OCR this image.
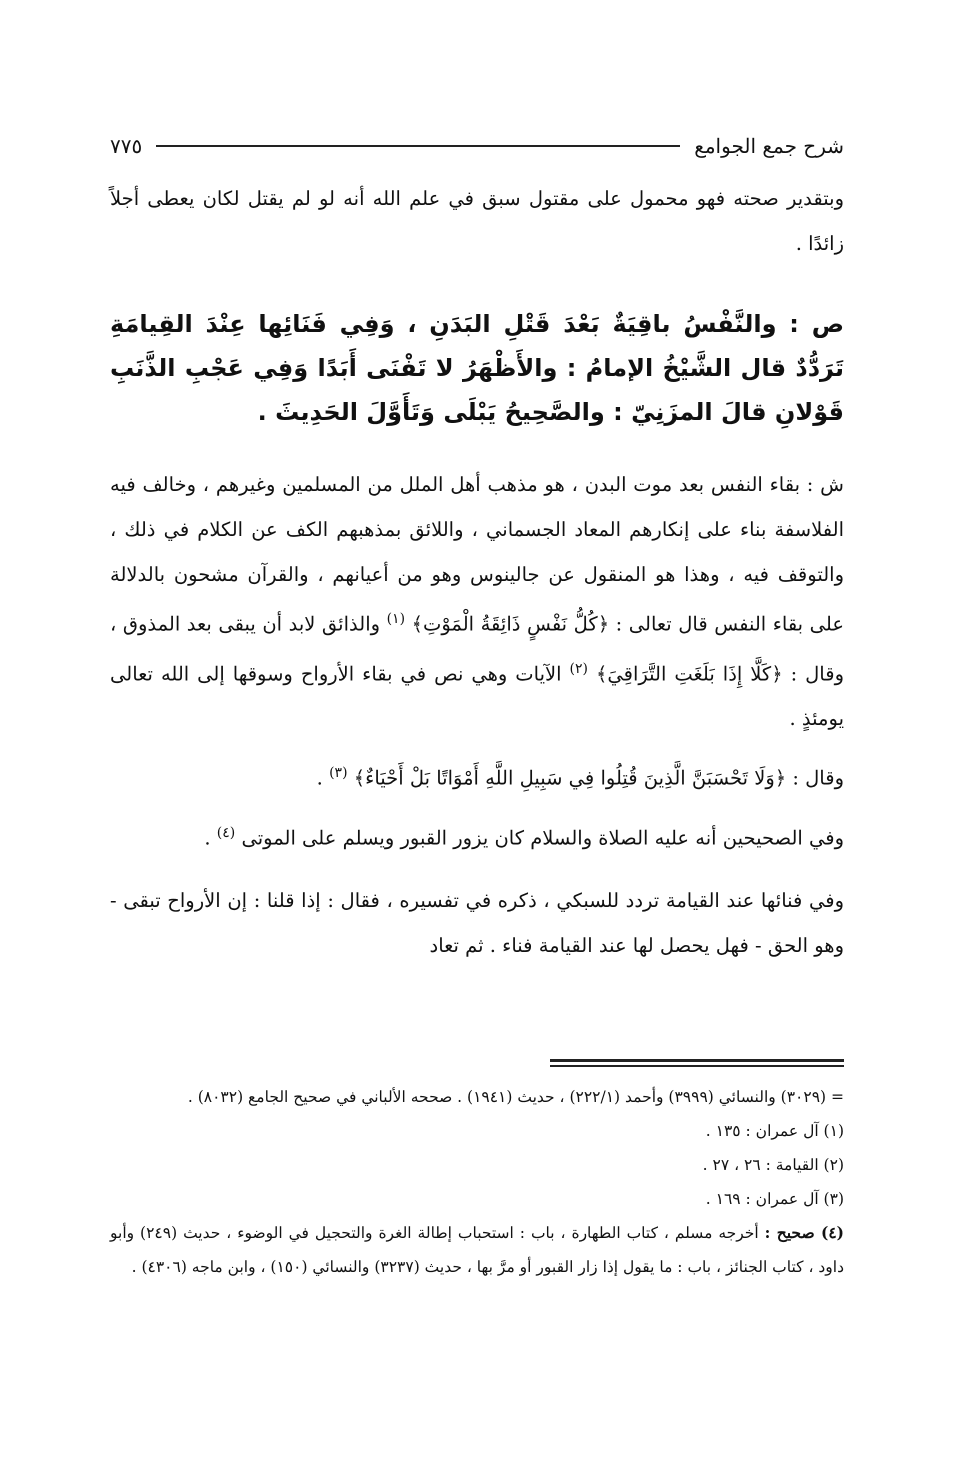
شرح جمع الجوامع
٧٧٥

وبتقدير صحته فهو محمول على مقتول سبق في علم الله أنه لو لم يقتل لكان يعطى أجلاً زائدًا .

ص : والنَّفْسُ باقِيَةٌ بَعْدَ قَتْلِ البَدَنِ ، وَفِي فَنَائِها عِنْدَ القِيامَةِ تَرَدُّدٌ قال الشَّيْخُ الإمامُ : والأَظْهَرُ لا تَفْنَى أَبَدًا وَفِي عَجْبِ الذَّنَبِ قَوْلانِ قالَ المزَنِيّ : والصَّحِيحُ يَبْلَى وَتَأَوَّلَ الحَدِيثَ .

ش : بقاء النفس بعد موت البدن ، هو مذهب أهل الملل من المسلمين وغيرهم ، وخالف فيه الفلاسفة بناء على إنكارهم المعاد الجسماني ، واللائق بمذهبهم الكف عن الكلام في ذلك ، والتوقف فيه ، وهذا هو المنقول عن جالينوس وهو من أعيانهم ، والقرآن مشحون بالدلالة على بقاء النفس قال تعالى : ﴿كُلُّ نَفْسٍ ذَائِقَةُ الْمَوْتِ﴾ $^{(١)}$ والذائق لابد أن يبقى بعد المذوق ، وقال : ﴿كَلَّا إِذَا بَلَغَتِ التَّرَاقِيَ﴾ $^{(٢)}$ الآيات وهي نص في بقاء الأرواح وسوقها إلى الله تعالى يومئذٍ .

وقال : ﴿وَلَا تَحْسَبَنَّ الَّذِينَ قُتِلُوا فِي سَبِيلِ اللَّهِ أَمْوَاتًا بَلْ أَحْيَاءٌ﴾ $^{(٣)}$ .

وفي الصحيحين أنه عليه الصلاة والسلام كان يزور القبور ويسلم على الموتى $^{(٤)}$ .

وفي فنائها عند القيامة تردد للسبكي ، ذكره في تفسيره ، فقال : إذا قلنا : إن الأرواح تبقى - وهو الحق - فهل يحصل لها عند القيامة فناء . ثم تعاد

= (٣٠٢٩) والنسائي (٣٩٩٩) وأحمد (٢٢٢/١) ، حديث (١٩٤١) . صححه الألباني في صحيح الجامع (٨٠٣٢) .

(١) آل عمران : ١٣٥ .

(٢) القيامة : ٢٦ ، ٢٧ .

(٣) آل عمران : ١٦٩ .

(٤) صحيح : أخرجه مسلم ، كتاب الطهارة ، باب : استحباب إطالة الغرة والتحجيل في الوضوء ، حديث (٢٤٩) وأبو داود ، كتاب الجنائز ، باب : ما يقول إذا زار القبور أو مرَّ بها ، حديث (٣٢٣٧) والنسائي (١٥٠) ، وابن ماجه (٤٣٠٦) .
